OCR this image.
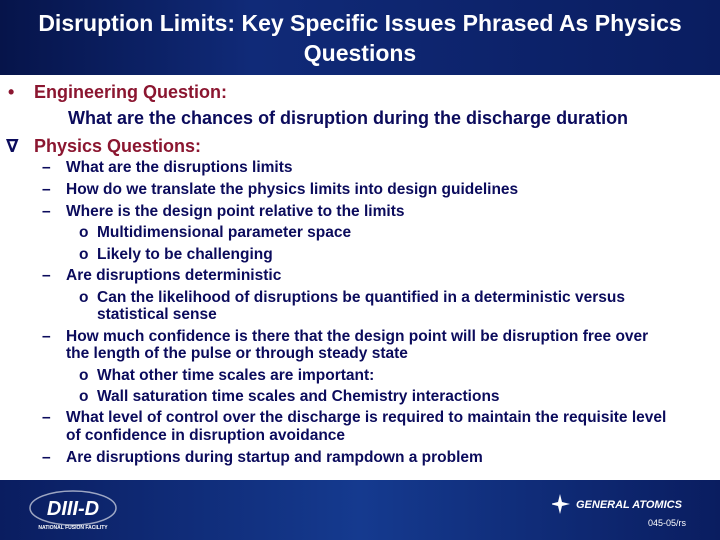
Disruption Limits: Key Specific Issues Phrased As Physics Questions
• Engineering Question:
What are the chances of disruption during the discharge duration
∇ Physics Questions:
– What are the disruptions limits
– How do we translate the physics limits into design guidelines
– Where is the design point relative to the limits
o Multidimensional parameter space
o Likely to be challenging
– Are disruptions deterministic
o Can the likelihood of disruptions be quantified in a deterministic versus
statistical sense
– How much confidence is there that the design point will be disruption free over
the length of the pulse or through steady state
o What other time scales are important:
o Wall saturation time scales and Chemistry interactions
– What level of control over the discharge is required to maintain the requisite level
of confidence in disruption avoidance
– Are disruptions during startup and rampdown a problem
DIII-D
NATIONAL FUSION FACILITY
GENERAL ATOMICS
045-05/rs
